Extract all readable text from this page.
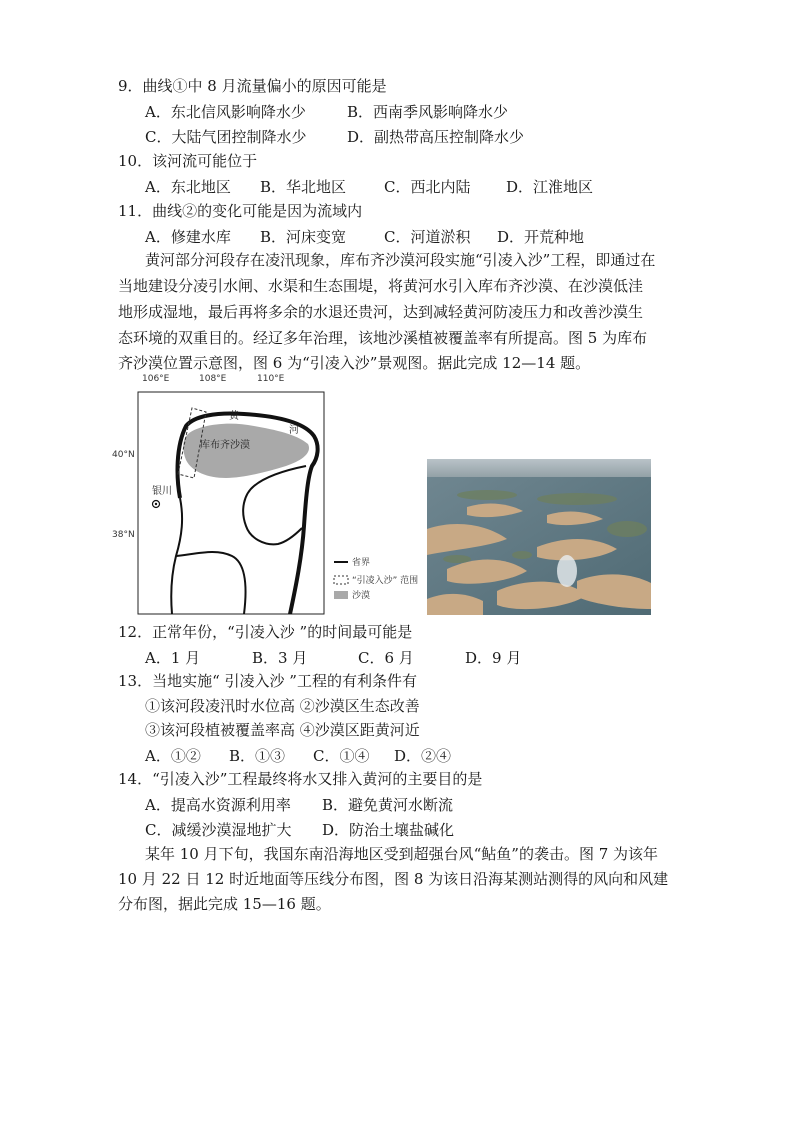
9．曲线①中 8 月流量偏小的原因可能是
A．东北信风影响降水少	B．西南季风影响降水少
C．大陆气团控制降水少	D．副热带高压控制降水少
10．该河流可能位于
A．东北地区 B．华北地区	C．西北内陆 D．江淮地区
11．曲线②的变化可能是因为流域内
A．修建水库 B．河床变宽	C．河道淤积 D．开荒种地
黄河部分河段存在凌汛现象，库布齐沙漠河段实施“引凌入沙”工程，即通过在
当地建设分凌引水闸、水渠和生态围堤，将黄河水引入库布齐沙漠、在沙漠低洼
地形成湿地，最后再将多余的水退还贵河，达到减轻黄河防凌压力和改善沙漠生
态环境的双重目的。经辽多年治理，该地沙溪植被覆盖率有所提高。图 5 为库布
齐沙漠位置示意图，图 6 为“引凌入沙”景观图。据此完成 12—14 题。
黄
河
库布齐沙漠
银川
省界
“引凌入沙” 范围
沙漠
106°E	108°E	110°E
40°N
38°N
12．正常年份，“引凌入沙 ”的时间最可能是
A．1 月	B．3 月	C．6 月	D．9 月
13．当地实施“ 引凌入沙 ”工程的有利条件有
①该河段凌汛时水位高 ②沙漠区生态改善
③该河段植被覆盖率高 ④沙漠区距黄河近
A．①② B．①③ C．①④ D．②④
14．“引凌入沙”工程最终将水又排入黄河的主要目的是
A．提高水资源利用率 B．避免黄河水断流
C．减缓沙漠湿地扩大 D．防治土壤盐碱化
某年 10 月下旬，我国东南沿海地区受到超强台风“鲇鱼”的袭击。图 7 为该年
10 月 22 日 12 时近地面等压线分布图，图 8 为该日沿海某测站测得的风向和风建
分布图，据此完成 15—16 题。
